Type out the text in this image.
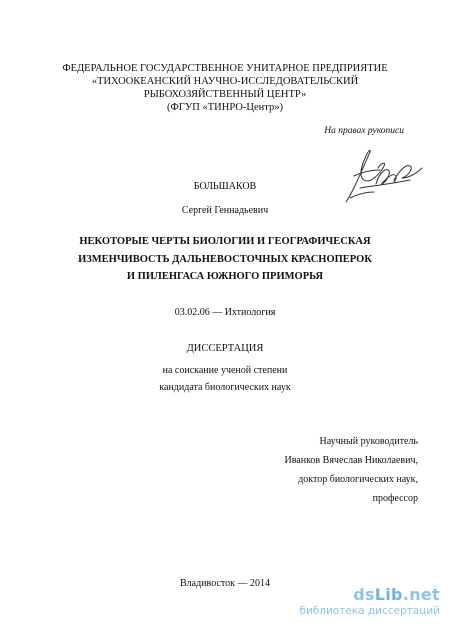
ФЕДЕРАЛЬНОЕ ГОСУДАРСТВЕННОЕ УНИТАРНОЕ ПРЕДПРИЯТИЕ
«ТИХООКЕАНСКИЙ НАУЧНО-ИССЛЕДОВАТЕЛЬСКИЙ
РЫБОХОЗЯЙСТВЕННЫЙ ЦЕНТР»
(ФГУП «ТИНРО-Центр»)
На правах рукописи
БОЛЬШАКОВ
Сергей Геннадьевич
НЕКОТОРЫЕ ЧЕРТЫ БИОЛОГИИ И ГЕОГРАФИЧЕСКАЯ
ИЗМЕНЧИВОСТЬ ДАЛЬНЕВОСТОЧНЫХ КРАСНОПЕРОК
И ПИЛЕНГАСА ЮЖНОГО ПРИМОРЬЯ
03.02.06 — Ихтиология
ДИССЕРТАЦИЯ
на соискание ученой степени
кандидата биологических наук
Научный руководитель
Иванков Вячеслав Николаевич,
доктор биологических наук,
профессор
Владивосток — 2014
dsLib.net
библиотека диссертаций
